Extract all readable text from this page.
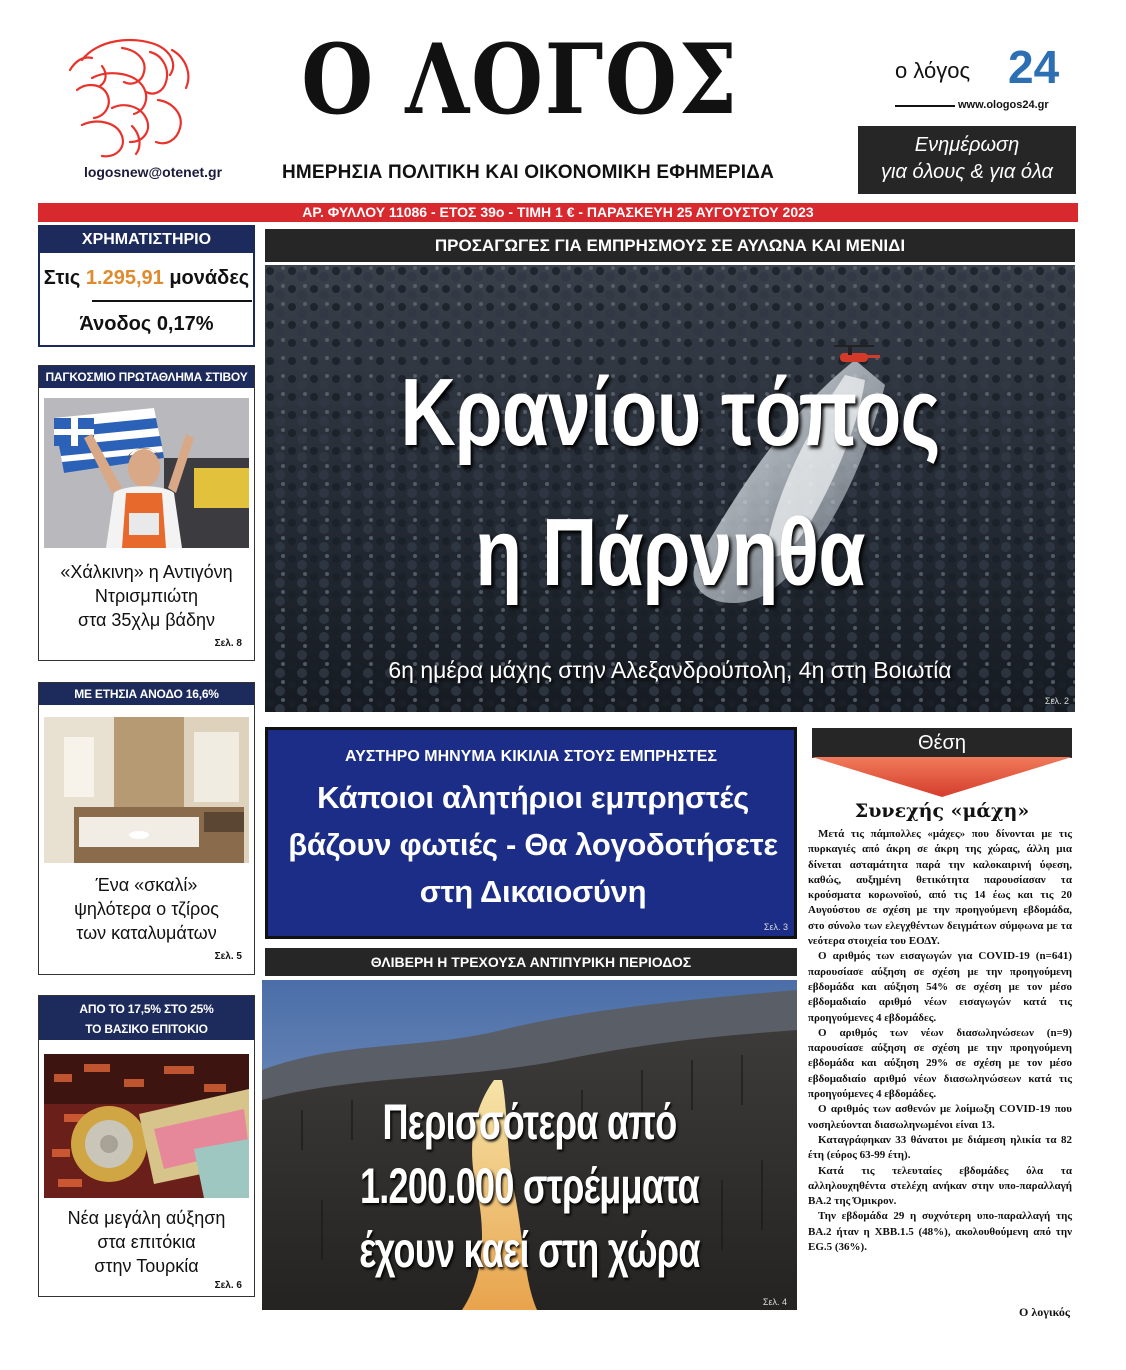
logosnew@otenet.gr
Ο ΛΟΓΟΣ
ΗΜΕΡΗΣΙΑ ΠΟΛΙΤΙΚΗ ΚΑΙ ΟΙΚΟΝΟΜΙΚΗ ΕΦΗΜΕΡΙΔΑ
ο λόγος 24
www.ologos24.gr
Ενημέρωση
για όλους & για όλα
ΑΡ. ΦΥΛΛΟΥ 11086 - ΕΤΟΣ 39ο - ΤΙΜΗ 1 € - ΠΑΡΑΣΚΕΥΗ 25 ΑΥΓΟΥΣΤΟΥ 2023
ΧΡΗΜΑΤΙΣΤΗΡΙΟ
Στις 1.295,91 μονάδες
Άνοδος 0,17%
ΠΑΓΚΟΣΜΙΟ ΠΡΩΤΑΘΛΗΜΑ ΣΤΙΒΟΥ
«Χάλκινη» η Αντιγόνη
Ντρισμπιώτη
στα 35χλμ βάδην
Σελ. 8
ΜΕ ΕΤΗΣΙΑ ΑΝΟΔΟ 16,6%
Ένα «σκαλί»
ψηλότερα ο τζίρος
των καταλυμάτων
Σελ. 5
ΑΠΟ ΤΟ 17,5% ΣΤΟ 25%
ΤΟ ΒΑΣΙΚΟ ΕΠΙΤΟΚΙΟ
Νέα μεγάλη αύξηση
στα επιτόκια
στην Τουρκία
Σελ. 6
ΠΡΟΣΑΓΩΓΕΣ ΓΙΑ ΕΜΠΡΗΣΜΟΥΣ ΣΕ ΑΥΛΩΝΑ ΚΑΙ ΜΕΝΙΔΙ
Κρανίου τόπος
η Πάρνηθα
6η ημέρα μάχης στην Αλεξανδρούπολη, 4η στη Βοιωτία
Σελ. 2
ΑΥΣΤΗΡΟ ΜΗΝΥΜΑ ΚΙΚΙΛΙΑ ΣΤΟΥΣ ΕΜΠΡΗΣΤΕΣ
Κάποιοι αλητήριοι εμπρηστές
βάζουν φωτιές - Θα λογοδοτήσετε
στη Δικαιοσύνη
Σελ. 3
ΘΛΙΒΕΡΗ Η ΤΡΕΧΟΥΣΑ ΑΝΤΙΠΥΡΙΚΗ ΠΕΡΙΟΔΟΣ
Περισσότερα από 1.200.000 στρέμματα
έχουν καεί στη χώρα
Σελ. 4
Θέση
Συνεχής «μάχη»

Μετά τις πάμπολλες «μάχες» που δίνονται με τις πυρκαγιές από άκρη σε άκρη της χώρας, άλλη μια δίνεται ασταμάτητα παρά την καλοκαιρινή ύφεση, καθώς, αυξημένη θετικότητα παρουσίασαν τα κρούσματα κορωνοϊού, από τις 14 έως και τις 20 Αυγούστου σε σχέση με την προηγούμενη εβδομάδα, στο σύνολο των ελεγχθέντων δειγμάτων σύμφωνα με τα νεότερα στοιχεία του ΕΟΔΥ.

Ο αριθμός των εισαγωγών για COVID-19 (n=641) παρουσίασε αύξηση σε σχέση με την προηγούμενη εβδομάδα και αύξηση 54% σε σχέση με τον μέσο εβδομαδιαίο αριθμό νέων εισαγωγών κατά τις προηγούμενες 4 εβδομάδες.

Ο αριθμός των νέων διασωληνώσεων (n=9) παρουσίασε αύξηση σε σχέση με την προηγούμενη εβδομάδα και αύξηση 29% σε σχέση με τον μέσο εβδομαδιαίο αριθμό νέων διασωληνώσεων κατά τις προηγούμενες 4 εβδομάδες.

Ο αριθμός των ασθενών με λοίμωξη COVID-19 που νοσηλεύονται διασωληνωμένοι είναι 13.

Καταγράφηκαν 33 θάνατοι με διάμεση ηλικία τα 82 έτη (εύρος 63-99 έτη).

Κατά τις τελευταίες εβδομάδες όλα τα αλληλουχηθέντα στελέχη ανήκαν στην υπο-παραλλαγή ΒΑ.2 της Όμικρον.

Την εβδομάδα 29 η συχνότερη υπο-παραλλαγή της ΒΑ.2 ήταν η ΧΒΒ.1.5 (48%), ακολουθούμενη από την EG.5 (36%).

Ο λογικός
